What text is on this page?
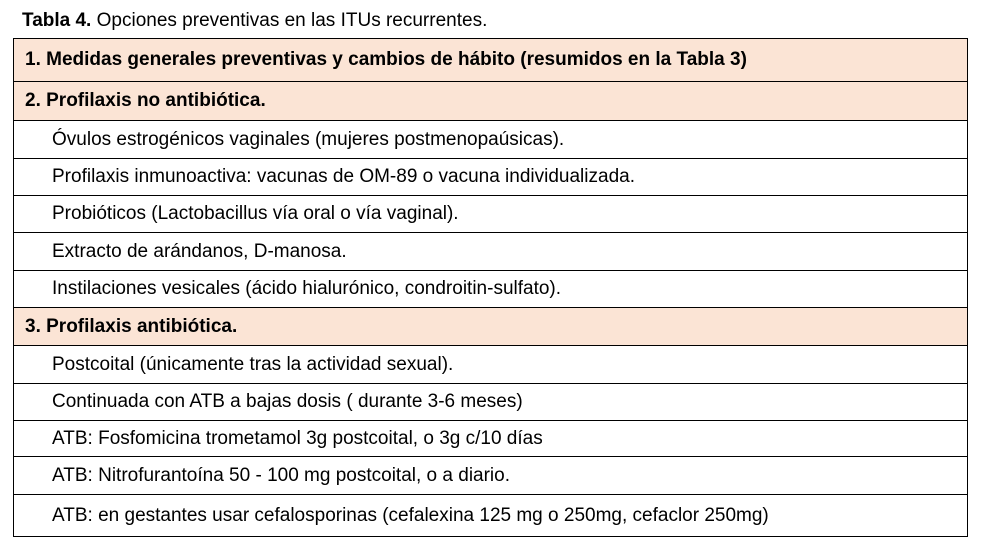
Tabla 4. Opciones preventivas en las ITUs recurrentes.
1. Medidas generales preventivas y cambios de hábito (resumidos en la Tabla 3)
2. Profilaxis no antibiótica.
Óvulos estrogénicos vaginales (mujeres postmenopaúsicas).
Profilaxis inmunoactiva: vacunas de OM-89 o vacuna individualizada.
Probióticos (Lactobacillus vía oral o vía vaginal).
Extracto de arándanos, D-manosa.
Instilaciones vesicales (ácido hialurónico, condroitin-sulfato).
3. Profilaxis antibiótica.
Postcoital (únicamente tras la actividad sexual).
Continuada con ATB a bajas dosis ( durante 3-6 meses)
ATB: Fosfomicina trometamol 3g postcoital, o 3g c/10 días
ATB: Nitrofurantoína 50 - 100 mg postcoital, o a diario.
ATB: en gestantes usar cefalosporinas (cefalexina 125 mg o 250mg, cefaclor 250mg)
